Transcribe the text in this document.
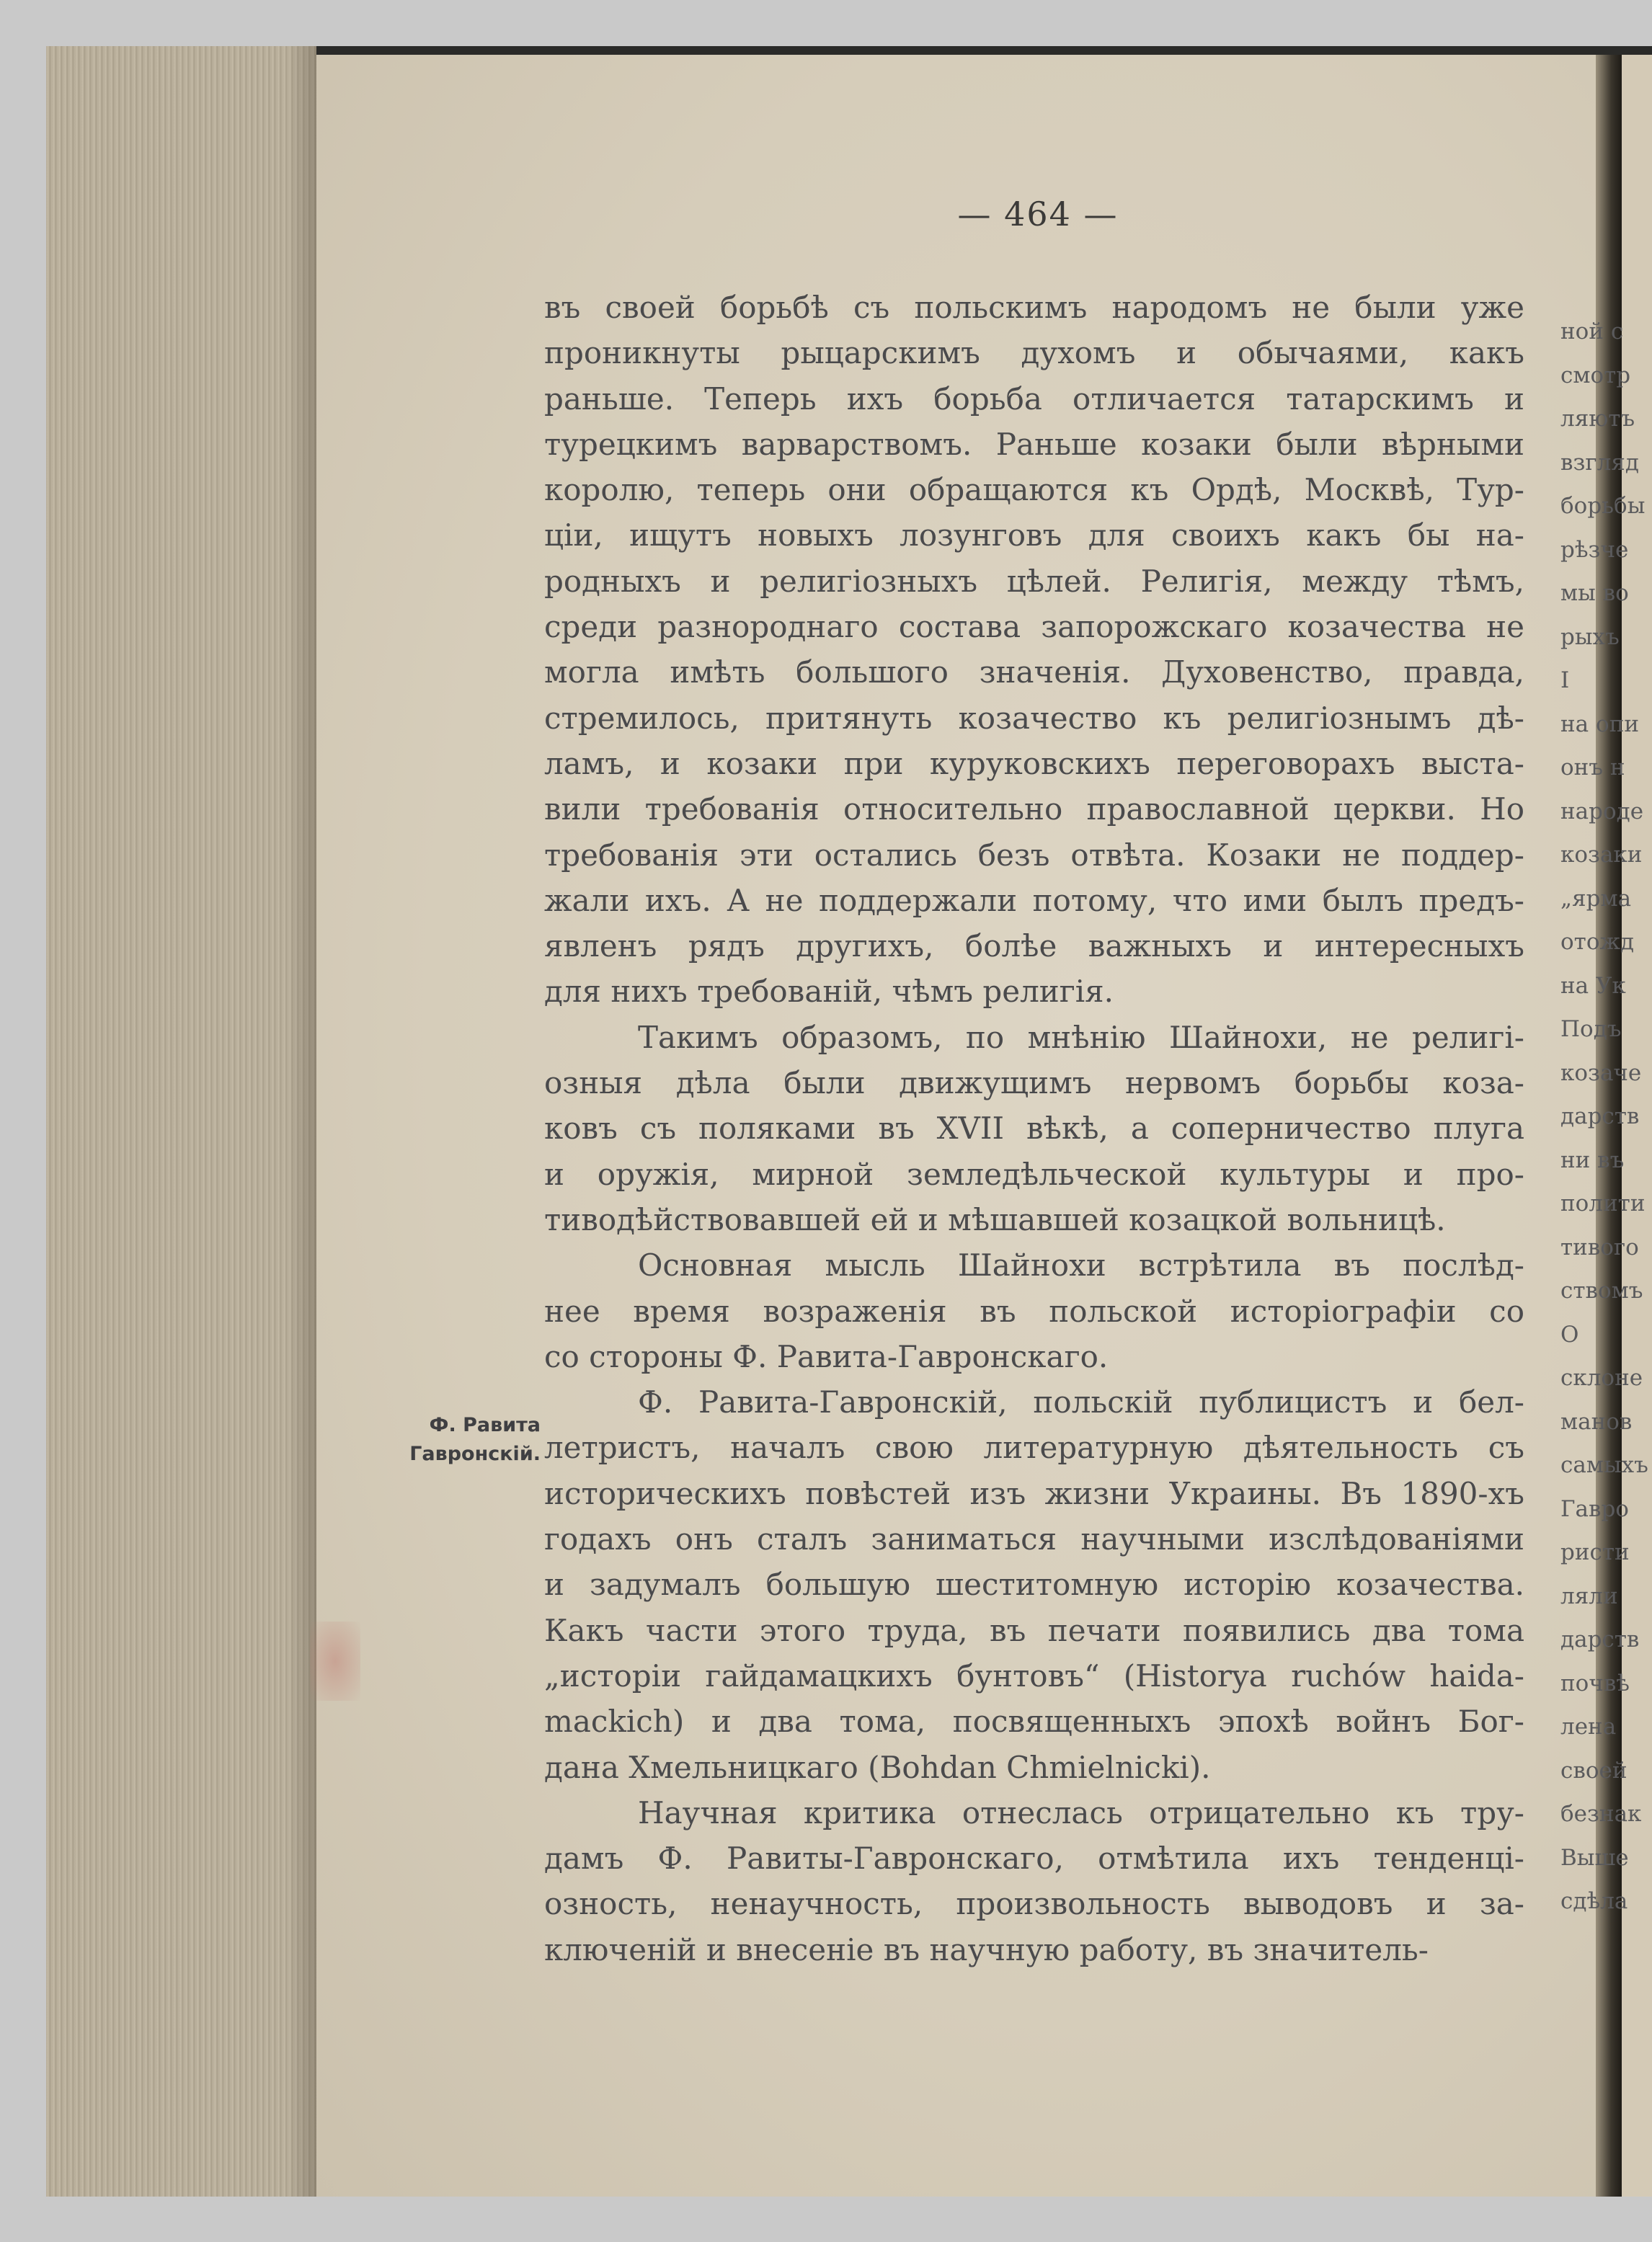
— 464 —
Ф. Равита
Гавронскій.
въ своей борьбѣ съ польскимъ народомъ не были уже
проникнуты рыцарскимъ духомъ и обычаями, какъ
раньше. Теперь ихъ борьба отличается татарскимъ и
турецкимъ варварствомъ. Раньше козаки были вѣрными
королю, теперь они обращаются къ Ордѣ, Москвѣ, Тур-
ціи, ищутъ новыхъ лозунговъ для своихъ какъ бы на-
родныхъ и религіозныхъ цѣлей. Религія, между тѣмъ,
среди разнороднаго состава запорожскаго козачества не
могла имѣть большого значенія. Духовенство, правда,
стремилось, притянуть козачество къ религіознымъ дѣ-
ламъ, и козаки при куруковскихъ переговорахъ выста-
вили требованія относительно православной церкви. Но
требованія эти остались безъ отвѣта. Козаки не поддер-
жали ихъ. А не поддержали потому, что ими былъ предъ-
явленъ рядъ другихъ, болѣе важныхъ и интересныхъ
для нихъ требованій, чѣмъ религія.
Такимъ образомъ, по мнѣнію Шайнохи, не религі-
озныя дѣла были движущимъ нервомъ борьбы коза-
ковъ съ поляками въ XVII вѣкѣ, а соперничество плуга
и оружія, мирной земледѣльческой культуры и про-
тиводѣйствовавшей ей и мѣшавшей козацкой вольницѣ.
Основная мысль Шайнохи встрѣтила въ послѣд-
нее время возраженія въ польской исторіографіи со
со стороны Ф. Равита-Гавронскаго.
Ф. Равита-Гавронскій, польскій публицистъ и бел-
летристъ, началъ свою литературную дѣятельность съ
историческихъ повѣстей изъ жизни Украины. Въ 1890-хъ
годахъ онъ сталъ заниматься научными изслѣдованіями
и задумалъ большую шеститомную исторію козачества.
Какъ части этого труда, въ печати появились два тома
„исторіи гайдамацкихъ бунтовъ“ (Historya ruchów haida-
mackich) и два тома, посвященныхъ эпохѣ войнъ Бог-
дана Хмельницкаго (Bohdan Chmielnicki).
Научная критика отнеслась отрицательно къ тру-
дамъ Ф. Равиты-Гавронскаго, отмѣтила ихъ тенденці-
озность, ненаучность, произвольность выводовъ и за-
ключеній и внесеніе въ научную работу, въ значитель-
ной с
смотр
ляютъ
взгляд
борьбы
рѣзче
мы во
рыхъ
І
на опи
онъ н
народе
козаки
„ярма
отожд
на Ук
Подъ
козаче
дарств
ни въ
полити
тивого
ствомъ
О
склоне
манов
самыхъ
Гавро
ристи
ляли
дарств
почвѣ
лена
своей
безнак
Выше
сдѣла
